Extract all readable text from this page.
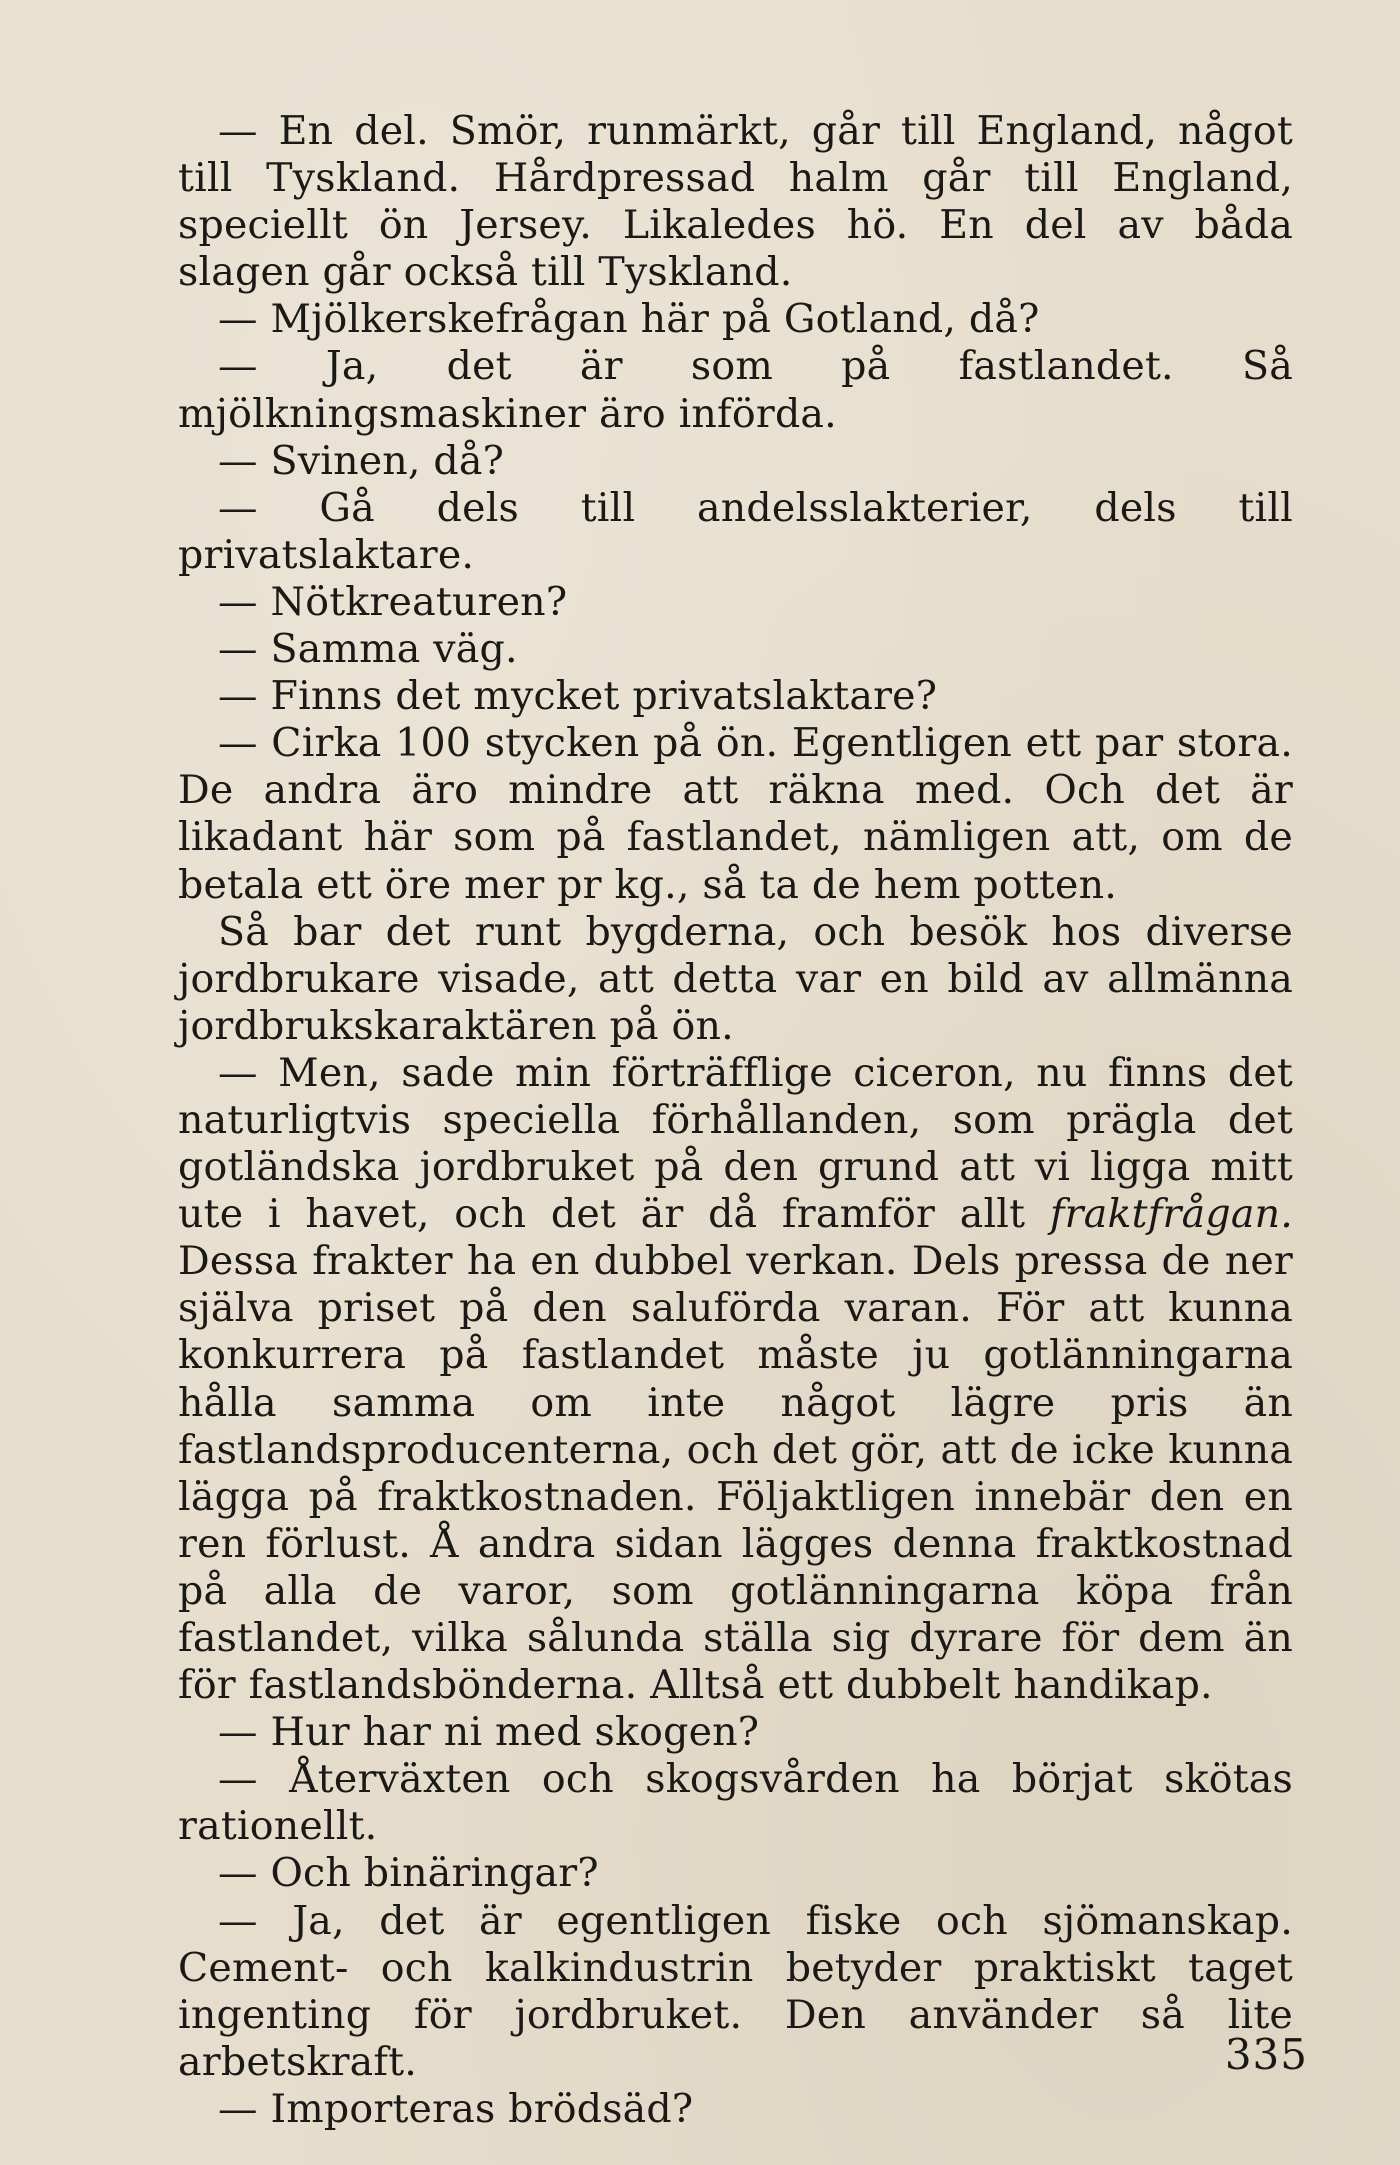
— En del. Smör, runmärkt, går till England, något till Tyskland. Hårdpressad halm går till England, speciellt ön Jersey. Likaledes hö. En del av båda slagen går också till Tyskland.

— Mjölkerskefrågan här på Gotland, då?

— Ja, det är som på fastlandet. Så mjölkningsmaskiner äro införda.

— Svinen, då?

— Gå dels till andelsslakterier, dels till privatslaktare.

— Nötkreaturen?

— Samma väg.

— Finns det mycket privatslaktare?

— Cirka 100 stycken på ön. Egentligen ett par stora. De andra äro mindre att räkna med. Och det är likadant här som på fastlandet, nämligen att, om de betala ett öre mer pr kg., så ta de hem potten.

Så bar det runt bygderna, och besök hos diverse jordbrukare visade, att detta var en bild av allmänna jordbrukskaraktären på ön.

— Men, sade min förträfflige ciceron, nu finns det naturligtvis speciella förhållanden, som prägla det gotländska jordbruket på den grund att vi ligga mitt ute i havet, och det är då framför allt fraktfrågan. Dessa frakter ha en dubbel verkan. Dels pressa de ner själva priset på den saluförda varan. För att kunna konkurrera på fastlandet måste ju gotlänningarna hålla samma om inte något lägre pris än fastlandsproducenterna, och det gör, att de icke kunna lägga på fraktkostnaden. Följaktligen innebär den en ren förlust. Å andra sidan lägges denna fraktkostnad på alla de varor, som gotlänningarna köpa från fastlandet, vilka sålunda ställa sig dyrare för dem än för fastlandsbönderna. Alltså ett dubbelt handikap.

— Hur har ni med skogen?

— Återväxten och skogsvården ha börjat skötas rationellt.

— Och binäringar?

— Ja, det är egentligen fiske och sjömanskap. Cement- och kalkindustrin betyder praktiskt taget ingenting för jordbruket. Den använder så lite arbetskraft.

— Importeras brödsäd?

335
